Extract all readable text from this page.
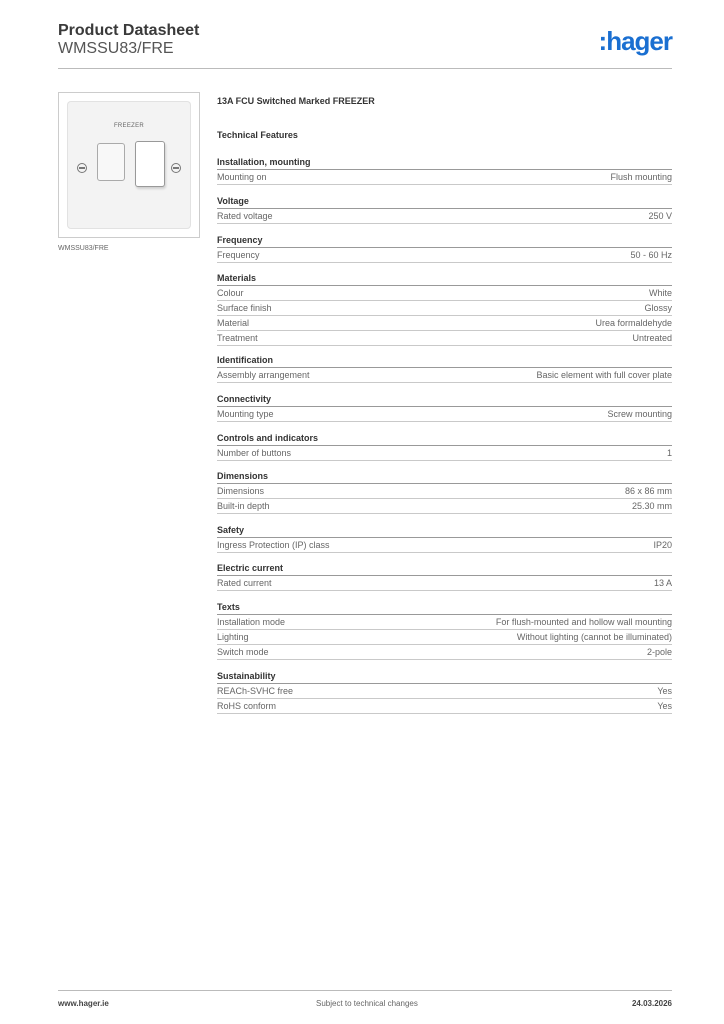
Product Datasheet
WMSSU83/FRE	:hager
FREEZER
WMSSU83/FRE
13A FCU Switched Marked FREEZER
Technical Features
Installation, mounting
Mounting on	Flush mounting
Voltage
Rated voltage	250 V
Frequency
Frequency	50 - 60 Hz
Materials
Colour	White
Surface finish	Glossy
Material	Urea formaldehyde
Treatment	Untreated
Identification
Assembly arrangement	Basic element with full cover plate
Connectivity
Mounting type	Screw mounting
Controls and indicators
Number of buttons	1
Dimensions
Dimensions	86 x 86 mm
Built-in depth	25.30 mm
Safety
Ingress Protection (IP) class	IP20
Electric current
Rated current	13 A
Texts
Installation mode	For flush-mounted and hollow wall mounting
Lighting	Without lighting (cannot be illuminated)
Switch mode	2-pole
Sustainability
REACh-SVHC free	Yes
RoHS conform	Yes
www.hager.ie	Subject to technical changes	24.03.2026
